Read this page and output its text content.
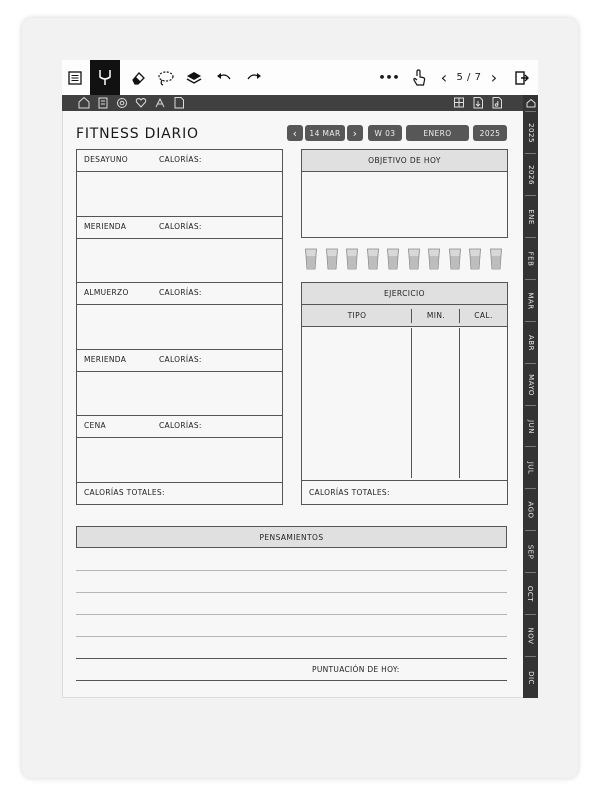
•••	‹ 5 / 7 ›
2025
2026
ENE
FEB
MAR
ABR
MAYO
JUN
JUL
AGO
SEP
OCT
NOV
DIC
FITNESS DIARIO	‹	14 MAR	›	W 03	ENERO	2025
OBJETIVO DE HOY
EJERCICIO
TIPO	MIN.	CAL.
CALORÍAS TOTALES:
PENSAMIENTOS
PUNTUACIÓN DE HOY:
DESAYUNO	CALORÍAS:
MERIENDA	CALORÍAS:
ALMUERZO	CALORÍAS:
MERIENDA	CALORÍAS:
CENA	CALORÍAS:
CALORÍAS TOTALES:
